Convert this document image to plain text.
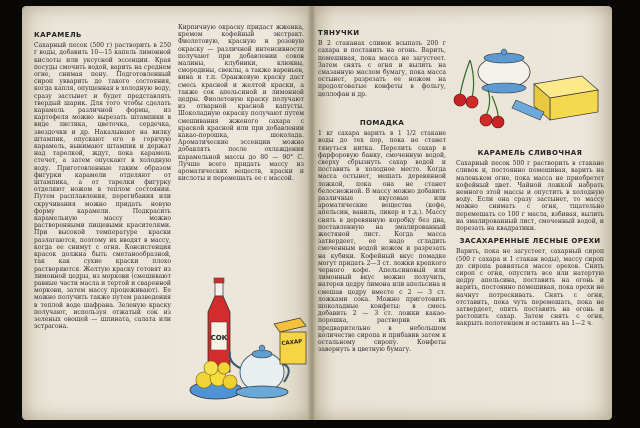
КАРАМЕЛЬ

Сахарный песок (500 г) растворить в 250 г воды, добавить 10—15 капель лимонной кислоты или уксусной эссенции. Края посуды смочить водой, варить на среднем огне, снимая пену. Подготовленный сироп увварить до такого состояния, когда капля, опущенная в холодную воду, сразу застынет и будет представлять твердый шарик. Для того чтобы сделать карамель различной формы, из картофеля можно вырезать штампики в виде листика, цветочка, сердечка, звездочки и др. Накалывают на вилку штампик, опускают его в горячую карамель, вынимают штампик и держат над тарелкой, ждут, пока карамель стечет, а затем опускают в холодную воду. Приготовленные таким образом фигурки карамели отделяют от штампика, а от тарелки фигурку отделяют ножом в теплом состоянии. Путем расплавления, перегибания или скручивания можно придать новую форму карамели. Подкрасить карамельную массу можно растворенными пищевыми красителями. При высокой температуре краски разлагаются, поэтому их вводят в массу, когда ее снимут с огня. Консистенция красок должна быть сметанообразной, так как сухие краски плохо растворяются. Желтую краску готовят из лимонной цедры, из моркови (смешивают равные части масла и тертой и сваренной моркови, затем массу процеживают). Ее можно получить также путем разведения в теплой воде шафрана. Зеленую краску получают, используя отжатый сок из зеленых овощей — шпината, салата или эстрагона.

Кирпичную окраску придаст жженка, кремом кофейный экстракт. Фиолетовую, красную и розовую окраску — различной интенсивности получают при добавлении соков малины, клубники, клюквы, смородины, свеклы, а также вареньев, вина и т.п. Оранжевую краску даст смесь красной и желтой краски, а также сок апельсиной и лимонной цедры. Фиолетовую краску получают из отварной красной капусты. Шоколадную окраску получают путем смешивания жженого сахара с краской красной или при добавлении какао-порошка, шоколада. Ароматические эссенции можно добавлять после охлаждения карамельной массы до 80 — 90° С. Лучше всего придать массу из ароматических веществ, краски и кислоты и перемешать ее с массой.

СОК
САХАР
ТЯНУЧКИ

В 2 стаканах сливок всыпать 200 г сахара и поставить на огонь. Варить, помешивая, пока масса не загустеет. Затем снять с огня и вылить на смазанную маслом бумагу, пока масса остынет, разрезать ее ножом на продолговатые конфеты в фольгу, целлофан и др.

ПОМАДКА

1 кг сахара варить в 1 1/2 стакане воды до тех пор, пока не станет тянуться нитка. Перелить сахар в фарфоровую банку, смоченную водой, сверху сбрызнуть сахар водой и поставить в холодное место. Когда масса остынет, мешать деревянной ложкой, пока она не станет белоснежной. В массу можно добавить различные вкусовые или ароматические вещества (кофе, апельсин, ваниль, ликер и т.д.). Массу снять в деревянную коробку без дна, поставленную на эмалированный жестяной лист. Когда масса затвердеет, ее надо сгладить смоченным водой ножом и разрезать на кубики. Кофейный вкус помадке могут придать 2—3 ст. ложки крепкого черного кофе. Апельсиновый или лимонный вкус можно получить, натерев цедру лимона или апельсина и смешав цедру вместе с 2 — 3 ст. ложками сока. Можно приготовить шоколадные конфеты: в смесь добавить 2 — 3 ст. ложки какао-порошка, растворив их предварительно в небольшом количестве сиропа и прибавив затем к остальному сиропу. Конфеты завернуть в цветную бумагу.

КАРАМЕЛЬ СЛИВОЧНАЯ

Сахарный песок 500 г растворить в стакане сливок и, постоянно помешивая, варить на маленьком огне, пока масса не приобретет кофейный цвет. Чайной ложкой набрать немного этой массы и опустить в холодную воду. Если она сразу застынет, то массу можно снимать с огня, тщательно перемешать со 100 г масла, взбивая, вылить на эмалированный лист, смоченный водой, и порезать на квадратики.

ЗАСАХАРЕННЫЕ ЛЕСНЫЕ ОРЕХИ

Варить, пока не загустеет, сахарный сироп (500 г сахара и 1 стакан воды), массу сироп до сиропа равняться массе орехов. Снять сироп с огня, опустить все или натертую цедру апельсина, поставить на огонь и варить, постоянно помешивая, пока орехи не начнут потрескивать. Снять с огня, отставить, пока чуть перемешать, пока не затвердеет, опять поставить на огонь и растопить сахар. Затем снять с огня, накрыть полотенцем и оставить на 1—2 ч.
